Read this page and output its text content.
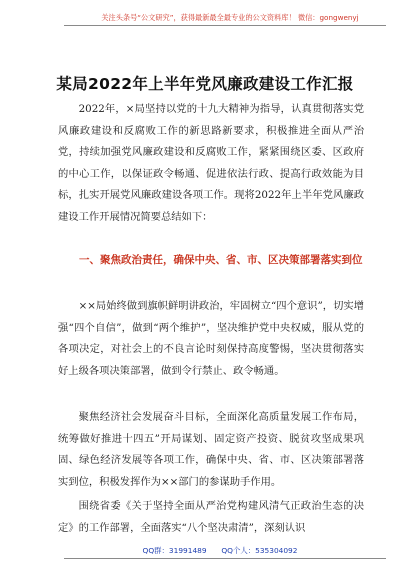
关注头条号“公文研究”，获得最新最全最专业的公文资料库！ 微信：gongwenyj
某局2022年上半年党风廉政建设工作汇报
2022年，×局坚持以党的十九大精神为指导，认真贯彻落实党风廉政建设和反腐败工作的新思路新要求，积极推进全面从严治党，持续加强党风廉政建设和反腐败工作，紧紧围绕区委、区政府的中心工作，以保证政令畅通、促进依法行政、提高行政效能为目标，扎实开展党风廉政建设各项工作。现将2022年上半年党风廉政建设工作开展情况简要总结如下：
一、聚焦政治责任，确保中央、省、市、区决策部署落实到位
××局始终做到旗帜鲜明讲政治，牢固树立“四个意识”，切实增强“四个自信”，做到“两个维护”，坚决维护党中央权威，服从党的各项决定，对社会上的不良言论时刻保持高度警惕，坚决贯彻落实好上级各项决策部署，做到令行禁止、政令畅通。
聚焦经济社会发展奋斗目标，全面深化高质量发展工作布局，统筹做好推进十四五”开局谋划、固定资产投资、脱贫攻坚成果巩固、绿色经济发展等各项工作，确保中央、省、市、区决策部署落实到位，积极发挥作为××部门的参谋助手作用。
围绕省委《关于坚持全面从严治党构建风清气正政治生态的决定》的工作部署，全面落实“八个坚决肃清”，深刻认识
QQ群：31991489　　QQ个人：535304092
